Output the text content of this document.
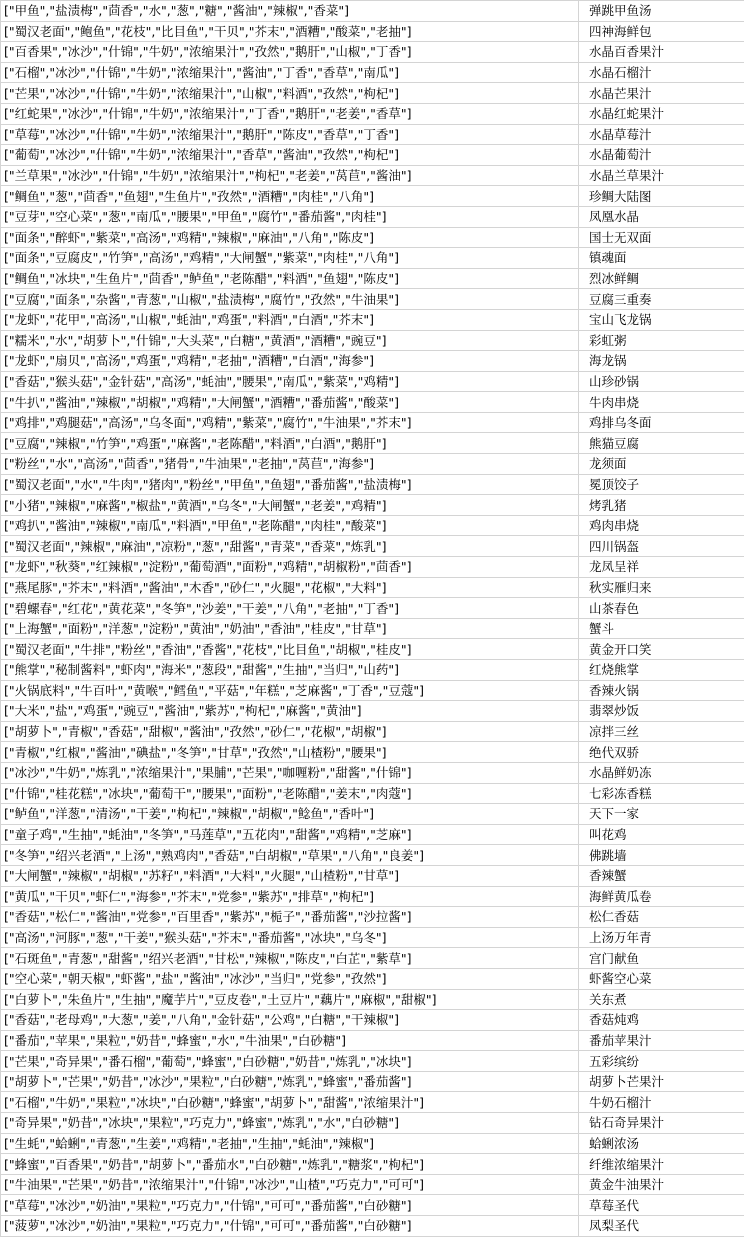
["甲鱼","盐渍梅","茴香","水","葱","糖","酱油","辣椒","香菜"]	弹跳甲鱼汤
["蜀汉老面","鲍鱼","花枝","比目鱼","干贝","芥末","酒糟","酸菜","老抽"]	四神海鲜包
["百香果","冰沙","什锦","牛奶","浓缩果汁","孜然","鹅肝","山椒","丁香"]	水晶百香果汁
["石榴","冰沙","什锦","牛奶","浓缩果汁","酱油","丁香","香草","南瓜"]	水晶石榴汁
["芒果","冰沙","什锦","牛奶","浓缩果汁","山椒","料酒","孜然","枸杞"]	水晶芒果汁
["红蛇果","冰沙","什锦","牛奶","浓缩果汁","丁香","鹅肝","老姜","香草"]	水晶红蛇果汁
["草莓","冰沙","什锦","牛奶","浓缩果汁","鹅肝","陈皮","香草","丁香"]	水晶草莓汁
["葡萄","冰沙","什锦","牛奶","浓缩果汁","香草","酱油","孜然","枸杞"]	水晶葡萄汁
["兰草果","冰沙","什锦","牛奶","浓缩果汁","枸杞","老姜","莴苣","酱油"]	水晶兰草果汁
["鲷鱼","葱","茴香","鱼翅","生鱼片","孜然","酒糟","肉桂","八角"]	珍鲷大陆图
["豆芽","空心菜","葱","南瓜","腰果","甲鱼","腐竹","番茄酱","肉桂"]	凤凰水晶
["面条","醉虾","紫菜","高汤","鸡精","辣椒","麻油","八角","陈皮"]	国士无双面
["面条","豆腐皮","竹笋","高汤","鸡精","大闸蟹","紫菜","肉桂","八角"]	镇魂面
["鲷鱼","冰块","生鱼片","茴香","鲈鱼","老陈醋","料酒","鱼翅","陈皮"]	烈冰鲜鲷
["豆腐","面条","杂酱","青葱","山椒","盐渍梅","腐竹","孜然","牛油果"]	豆腐三重奏
["龙虾","花甲","高汤","山椒","蚝油","鸡蛋","料酒","白酒","芥末"]	宝山飞龙锅
["糯米","水","胡萝卜","什锦","大头菜","白糖","黄酒","酒糟","豌豆"]	彩虹粥
["龙虾","扇贝","高汤","鸡蛋","鸡精","老抽","酒糟","白酒","海参"]	海龙锅
["香菇","猴头菇","金针菇","高汤","蚝油","腰果","南瓜","紫菜","鸡精"]	山珍砂锅
["牛扒","酱油","辣椒","胡椒","鸡精","大闸蟹","酒糟","番茄酱","酸菜"]	牛肉串烧
["鸡排","鸡腿菇","高汤","乌冬面","鸡精","紫菜","腐竹","牛油果","芥末"]	鸡排乌冬面
["豆腐","辣椒","竹笋","鸡蛋","麻酱","老陈醋","料酒","白酒","鹅肝"]	熊猫豆腐
["粉丝","水","高汤","茴香","猪骨","牛油果","老抽","莴苣","海参"]	龙须面
["蜀汉老面","水","牛肉","猪肉","粉丝","甲鱼","鱼翅","番茄酱","盐渍梅"]	冕顶饺子
["小猪","辣椒","麻酱","椒盐","黄酒","乌冬","大闸蟹","老姜","鸡精"]	烤乳猪
["鸡扒","酱油","辣椒","南瓜","料酒","甲鱼","老陈醋","肉桂","酸菜"]	鸡肉串烧
["蜀汉老面","辣椒","麻油","凉粉","葱","甜酱","青菜","香菜","炼乳"]	四川锅盔
["龙虾","秋葵","红辣椒","淀粉","葡萄酒","面粉","鸡精","胡椒粉","茴香"]	龙凤呈祥
["燕尾豚","芥末","料酒","酱油","木香","砂仁","火腿","花椒","大料"]	秋实雁归来
["碧螺春","红花","黄花菜","冬笋","沙姜","干姜","八角","老抽","丁香"]	山茶春色
["上海蟹","面粉","洋葱","淀粉","黄油","奶油","香油","桂皮","甘草"]	蟹斗
["蜀汉老面","牛排","粉丝","香油","香酱","花枝","比目鱼","胡椒","桂皮"]	黄金开口笑
["熊掌","秘制酱料","虾肉","海米","葱段","甜酱","生抽","当归","山药"]	红烧熊掌
["火锅底料","牛百叶","黄喉","鳕鱼","平菇","年糕","芝麻酱","丁香","豆蔻"]	香辣火锅
["大米","盐","鸡蛋","豌豆","酱油","紫苏","枸杞","麻酱","黄油"]	翡翠炒饭
["胡萝卜","青椒","香菇","甜椒","酱油","孜然","砂仁","花椒","胡椒"]	凉拌三丝
["青椒","红椒","酱油","碘盐","冬笋","甘草","孜然","山楂粉","腰果"]	绝代双骄
["冰沙","牛奶","炼乳","浓缩果汁","果脯","芒果","咖喱粉","甜酱","什锦"]	水晶鲜奶冻
["什锦","桂花糕","冰块","葡萄干","腰果","面粉","老陈醋","姜末","肉蔻"]	七彩冻香糕
["鲈鱼","洋葱","清汤","干姜","枸杞","辣椒","胡椒","鲶鱼","香叶"]	天下一家
["童子鸡","生抽","蚝油","冬笋","马莲草","五花肉","甜酱","鸡精","芝麻"]	叫花鸡
["冬笋","绍兴老酒","上汤","熟鸡肉","香菇","白胡椒","草果","八角","良姜"]	佛跳墙
["大闸蟹","辣椒","胡椒","苏籽","料酒","大料","火腿","山楂粉","甘草"]	香辣蟹
["黄瓜","干贝","虾仁","海参","芥末","党参","紫苏","排草","枸杞"]	海鲜黄瓜卷
["香菇","松仁","酱油","党参","百里香","紫苏","栀子","番茄酱","沙拉酱"]	松仁香菇
["高汤","河豚","葱","干姜","猴头菇","芥末","番茄酱","冰块","乌冬"]	上汤万年青
["石斑鱼","青葱","甜酱","绍兴老酒","甘松","辣椒","陈皮","白芷","紫草"]	宫门献鱼
["空心菜","朝天椒","虾酱","盐","酱油","冰沙","当归","党参","孜然"]	虾酱空心菜
["白萝卜","朱鱼片","生抽","魔芋片","豆皮卷","土豆片","藕片","麻椒","甜椒"]	关东煮
["香菇","老母鸡","大葱","姜","八角","金针菇","公鸡","白糖","干辣椒"]	香菇炖鸡
["番茄","苹果","果粒","奶昔","蜂蜜","水","牛油果","白砂糖"]	番茄苹果汁
["芒果","奇异果","番石榴","葡萄","蜂蜜","白砂糖","奶昔","炼乳","冰块"]	五彩缤纷
["胡萝卜","芒果","奶昔","冰沙","果粒","白砂糖","炼乳","蜂蜜","番茄酱"]	胡萝卜芒果汁
["石榴","牛奶","果粒","冰块","白砂糖","蜂蜜","胡萝卜","甜酱","浓缩果汁"]	牛奶石榴汁
["奇异果","奶昔","冰块","果粒","巧克力","蜂蜜","炼乳","水","白砂糖"]	钻石奇异果汁
["生蚝","蛤蜊","青葱","生姜","鸡精","老抽","生抽","蚝油","辣椒"]	蛤蜊浓汤
["蜂蜜","百香果","奶昔","胡萝卜","番茄水","白砂糖","炼乳","糖浆","枸杞"]	纤维浓缩果汁
["牛油果","芒果","奶昔","浓缩果汁","什锦","冰沙","山楂","巧克力","可可"]	黄金牛油果汁
["草莓","冰沙","奶油","果粒","巧克力","什锦","可可","番茄酱","白砂糖"]	草莓圣代
["菠萝","冰沙","奶油","果粒","巧克力","什锦","可可","番茄酱","白砂糖"]	凤梨圣代
